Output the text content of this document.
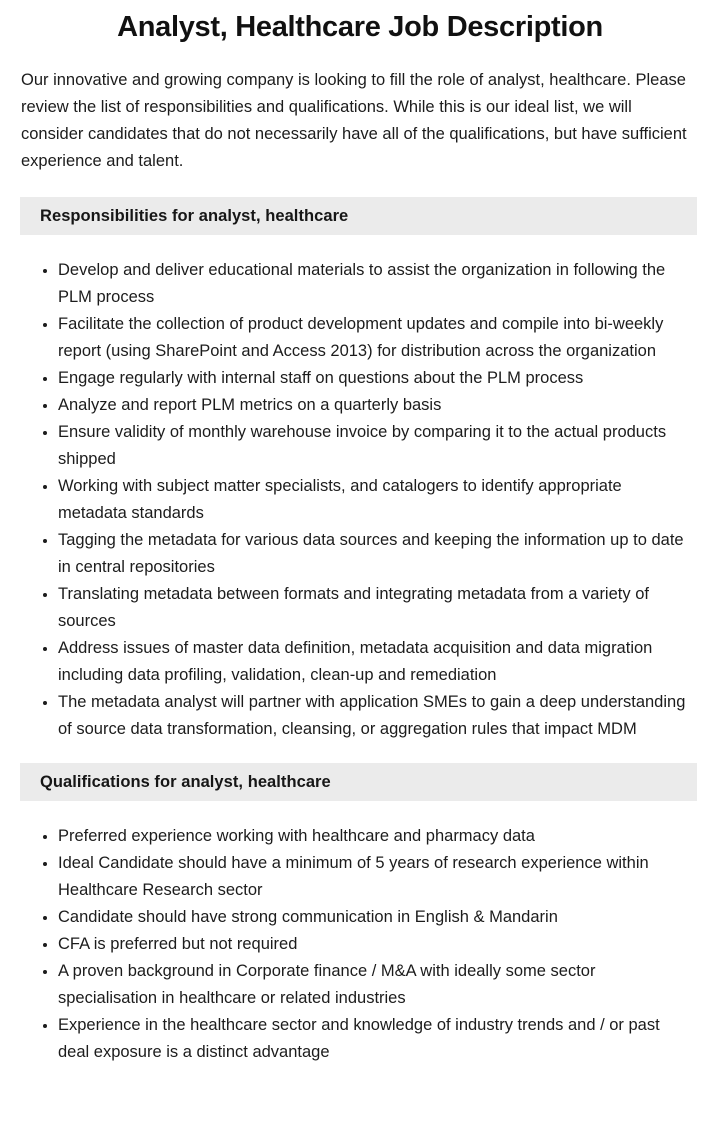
Analyst, Healthcare Job Description

Our innovative and growing company is looking to fill the role of analyst, healthcare. Please review the list of responsibilities and qualifications. While this is our ideal list, we will consider candidates that do not necessarily have all of the qualifications, but have sufficient experience and talent.

Responsibilities for analyst, healthcare
Develop and deliver educational materials to assist the organization in following the PLM process
Facilitate the collection of product development updates and compile into bi-weekly report (using SharePoint and Access 2013) for distribution across the organization
Engage regularly with internal staff on questions about the PLM process
Analyze and report PLM metrics on a quarterly basis
Ensure validity of monthly warehouse invoice by comparing it to the actual products shipped
Working with subject matter specialists, and catalogers to identify appropriate metadata standards
Tagging the metadata for various data sources and keeping the information up to date in central repositories
Translating metadata between formats and integrating metadata from a variety of sources
Address issues of master data definition, metadata acquisition and data migration including data profiling, validation, clean-up and remediation
The metadata analyst will partner with application SMEs to gain a deep understanding of source data transformation, cleansing, or aggregation rules that impact MDM
Qualifications for analyst, healthcare
Preferred experience working with healthcare and pharmacy data
Ideal Candidate should have a minimum of 5 years of research experience within Healthcare Research sector
Candidate should have strong communication in English & Mandarin
CFA is preferred but not required
A proven background in Corporate finance / M&A with ideally some sector specialisation in healthcare or related industries
Experience in the healthcare sector and knowledge of industry trends and / or past deal exposure is a distinct advantage
